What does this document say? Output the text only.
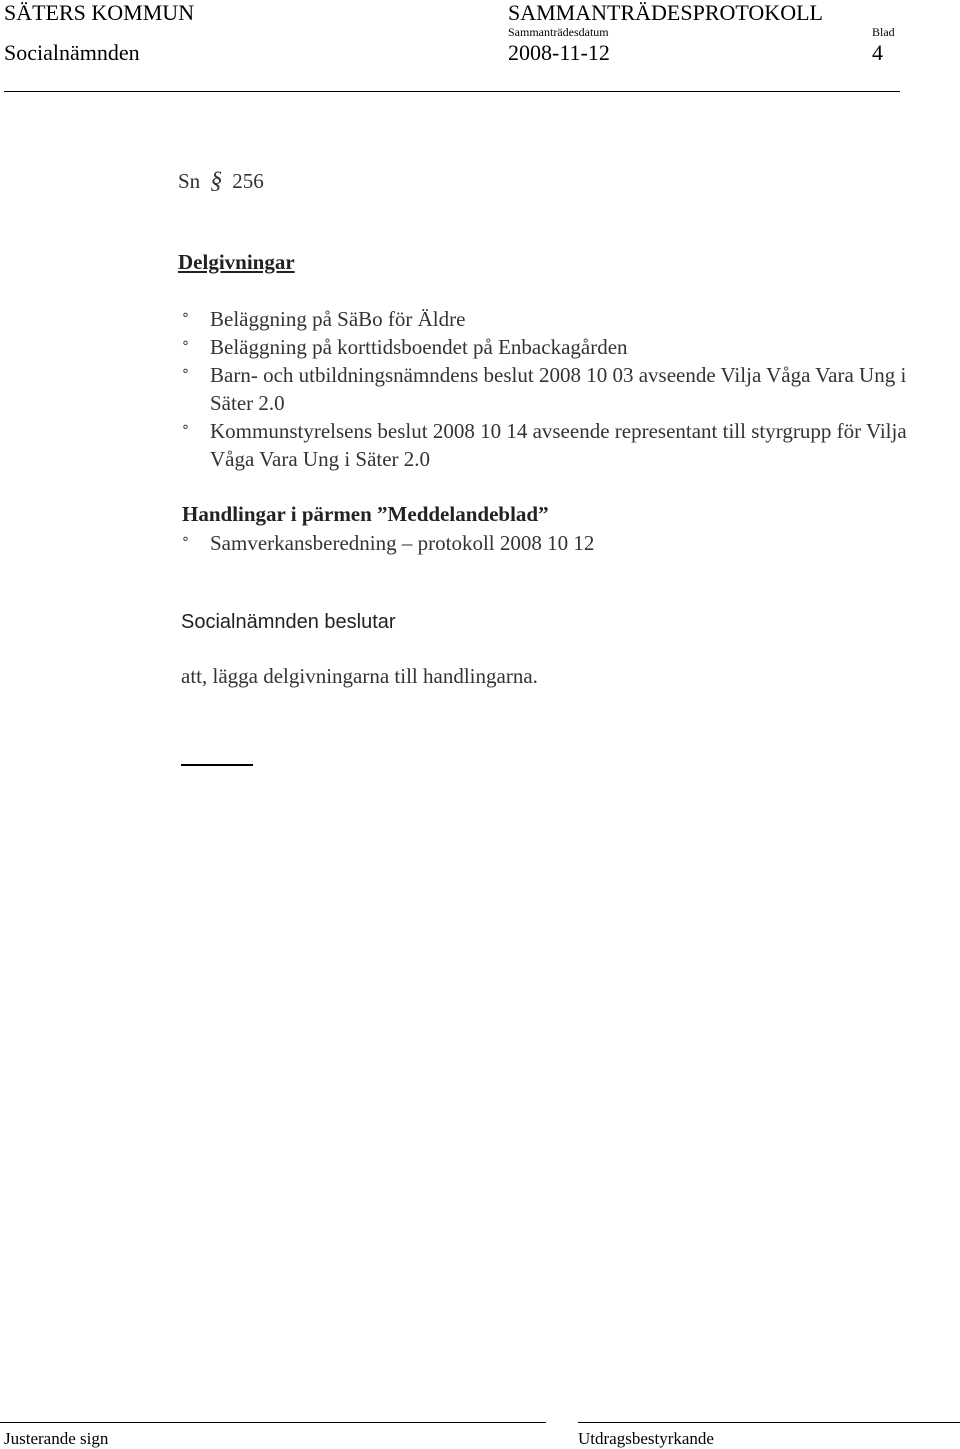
SÄTERS KOMMUN	SAMMANTRÄDESPROTOKOLL
Sammanträdesdatum	Blad
Socialnämnden	2008-11-12	4
Sn § 256
Delgivningar
° Beläggning på SäBo för Äldre
° Beläggning på korttidsboendet på Enbackagården
° Barn- och utbildningsnämndens beslut 2008 10 03 avseende Vilja Våga Vara Ung i Säter 2.0
° Kommunstyrelsens beslut 2008 10 14 avseende representant till styrgrupp för Vilja Våga Vara Ung i Säter 2.0
Handlingar i pärmen ”Meddelandeblad”
° Samverkansberedning – protokoll 2008 10 12
Socialnämnden beslutar
att, lägga delgivningarna till handlingarna.
Justerande sign	Utdragsbestyrkande
